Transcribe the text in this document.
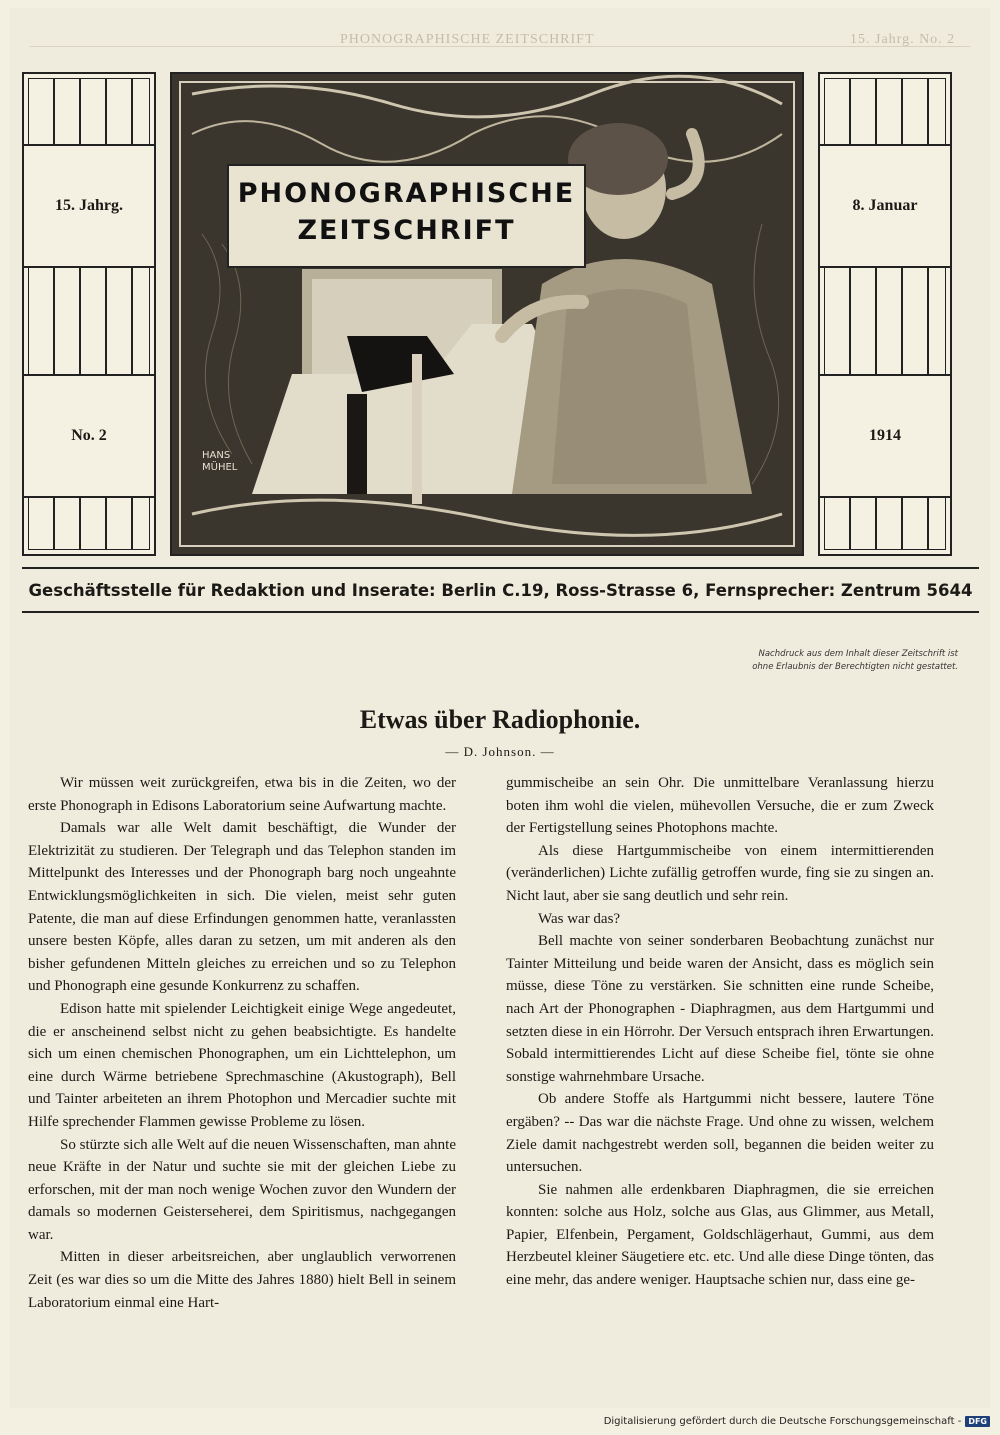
PHONOGRAPHISCHE ZEITSCHRIFT	15. Jahrg. No. 2
15. Jahrg.
No. 2
PHONOGRAPHISCHE
ZEITSCHRIFT
HANS
MÜHEL
8. Januar
1914
Geschäftsstelle für Redaktion und Inserate: Berlin C.19, Ross-Strasse 6, Fernsprecher: Zentrum 5644
Nachdruck aus dem Inhalt dieser Zeitschrift ist
ohne Erlaubnis der Berechtigten nicht gestattet.
Etwas über Radiophonie.
— D. Johnson. —

Wir müssen weit zurückgreifen, etwa bis in die Zeiten, wo der erste Phonograph in Edisons Laboratorium seine Aufwartung machte.

Damals war alle Welt damit beschäftigt, die Wunder der Elektrizität zu studieren. Der Telegraph und das Telephon standen im Mittelpunkt des Interesses und der Phonograph barg noch ungeahnte Entwicklungsmöglichkeiten in sich. Die vielen, meist sehr guten Patente, die man auf diese Erfindungen genommen hatte, veranlassten unsere besten Köpfe, alles daran zu setzen, um mit anderen als den bisher gefundenen Mitteln gleiches zu erreichen und so zu Telephon und Phonograph eine gesunde Konkurrenz zu schaffen.

Edison hatte mit spielender Leichtigkeit einige Wege angedeutet, die er anscheinend selbst nicht zu gehen beabsichtigte. Es handelte sich um einen chemischen Phonographen, um ein Lichttelephon, um eine durch Wärme betriebene Sprechmaschine (Akustograph), Bell und Tainter arbeiteten an ihrem Photophon und Mercadier suchte mit Hilfe sprechender Flammen gewisse Probleme zu lösen.

So stürzte sich alle Welt auf die neuen Wissenschaften, man ahnte neue Kräfte in der Natur und suchte sie mit der gleichen Liebe zu erforschen, mit der man noch wenige Wochen zuvor den Wundern der damals so modernen Geisterseherei, dem Spiritismus, nachgegangen war.

Mitten in dieser arbeitsreichen, aber unglaublich verworrenen Zeit (es war dies so um die Mitte des Jahres 1880) hielt Bell in seinem Laboratorium einmal eine Hart-

gummischeibe an sein Ohr. Die unmittelbare Veranlassung hierzu boten ihm wohl die vielen, mühevollen Versuche, die er zum Zweck der Fertigstellung seines Photophons machte.

Als diese Hartgummischeibe von einem intermittierenden (veränderlichen) Lichte zufällig getroffen wurde, fing sie zu singen an. Nicht laut, aber sie sang deutlich und sehr rein.

Was war das?

Bell machte von seiner sonderbaren Beobachtung zunächst nur Tainter Mitteilung und beide waren der Ansicht, dass es möglich sein müsse, diese Töne zu verstärken. Sie schnitten eine runde Scheibe, nach Art der Phonographen - Diaphragmen, aus dem Hartgummi und setzten diese in ein Hörrohr. Der Versuch entsprach ihren Erwartungen. Sobald intermittierendes Licht auf diese Scheibe fiel, tönte sie ohne sonstige wahrnehmbare Ursache.

Ob andere Stoffe als Hartgummi nicht bessere, lautere Töne ergäben? -- Das war die nächste Frage. Und ohne zu wissen, welchem Ziele damit nachgestrebt werden soll, begannen die beiden weiter zu untersuchen.

Sie nahmen alle erdenkbaren Diaphragmen, die sie erreichen konnten: solche aus Holz, solche aus Glas, aus Glimmer, aus Metall, Papier, Elfenbein, Pergament, Goldschlägerhaut, Gummi, aus dem Herzbeutel kleiner Säugetiere etc. etc. Und alle diese Dinge tönten, das eine mehr, das andere weniger. Hauptsache schien nur, dass eine ge-

Digitalisierung gefördert durch die Deutsche Forschungsgemeinschaft - DFG
